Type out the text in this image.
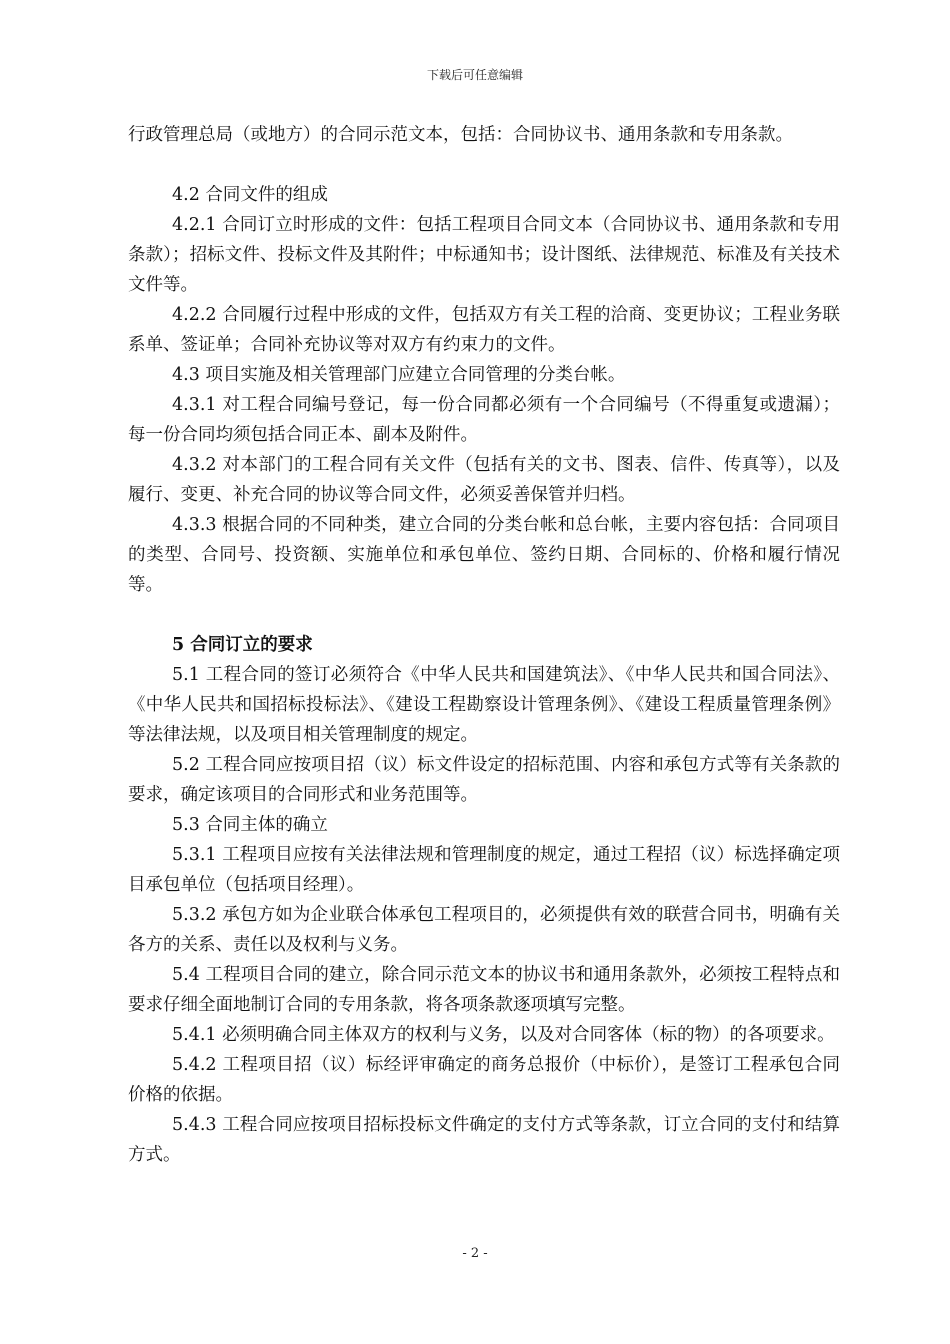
下载后可任意编辑

行政管理总局（或地方）的合同示范文本，包括：合同协议书、通用条款和专用条款。

4.2 合同文件的组成

4.2.1 合同订立时形成的文件：包括工程项目合同文本（合同协议书、通用条款和专用条款）；招标文件、投标文件及其附件；中标通知书；设计图纸、法律规范、标准及有关技术文件等。

4.2.2 合同履行过程中形成的文件，包括双方有关工程的洽商、变更协议；工程业务联系单、签证单；合同补充协议等对双方有约束力的文件。

4.3 项目实施及相关管理部门应建立合同管理的分类台帐。

4.3.1 对工程合同编号登记，每一份合同都必须有一个合同编号（不得重复或遗漏）；每一份合同均须包括合同正本、副本及附件。

4.3.2 对本部门的工程合同有关文件（包括有关的文书、图表、信件、传真等），以及履行、变更、补充合同的协议等合同文件，必须妥善保管并归档。

4.3.3 根据合同的不同种类，建立合同的分类台帐和总台帐，主要内容包括：合同项目的类型、合同号、投资额、实施单位和承包单位、签约日期、合同标的、价格和履行情况等。

5 合同订立的要求

5.1 工程合同的签订必须符合《中华人民共和国建筑法》、《中华人民共和国合同法》、《中华人民共和国招标投标法》、《建设工程勘察设计管理条例》、《建设工程质量管理条例》等法律法规，以及项目相关管理制度的规定。

5.2 工程合同应按项目招（议）标文件设定的招标范围、内容和承包方式等有关条款的要求，确定该项目的合同形式和业务范围等。

5.3 合同主体的确立

5.3.1 工程项目应按有关法律法规和管理制度的规定，通过工程招（议）标选择确定项目承包单位（包括项目经理）。

5.3.2 承包方如为企业联合体承包工程项目的，必须提供有效的联营合同书，明确有关各方的关系、责任以及权利与义务。

5.4 工程项目合同的建立，除合同示范文本的协议书和通用条款外，必须按工程特点和要求仔细全面地制订合同的专用条款，将各项条款逐项填写完整。

5.4.1 必须明确合同主体双方的权利与义务，以及对合同客体（标的物）的各项要求。

5.4.2 工程项目招（议）标经评审确定的商务总报价（中标价），是签订工程承包合同价格的依据。

5.4.3 工程合同应按项目招标投标文件确定的支付方式等条款，订立合同的支付和结算方式。

- 2 -
